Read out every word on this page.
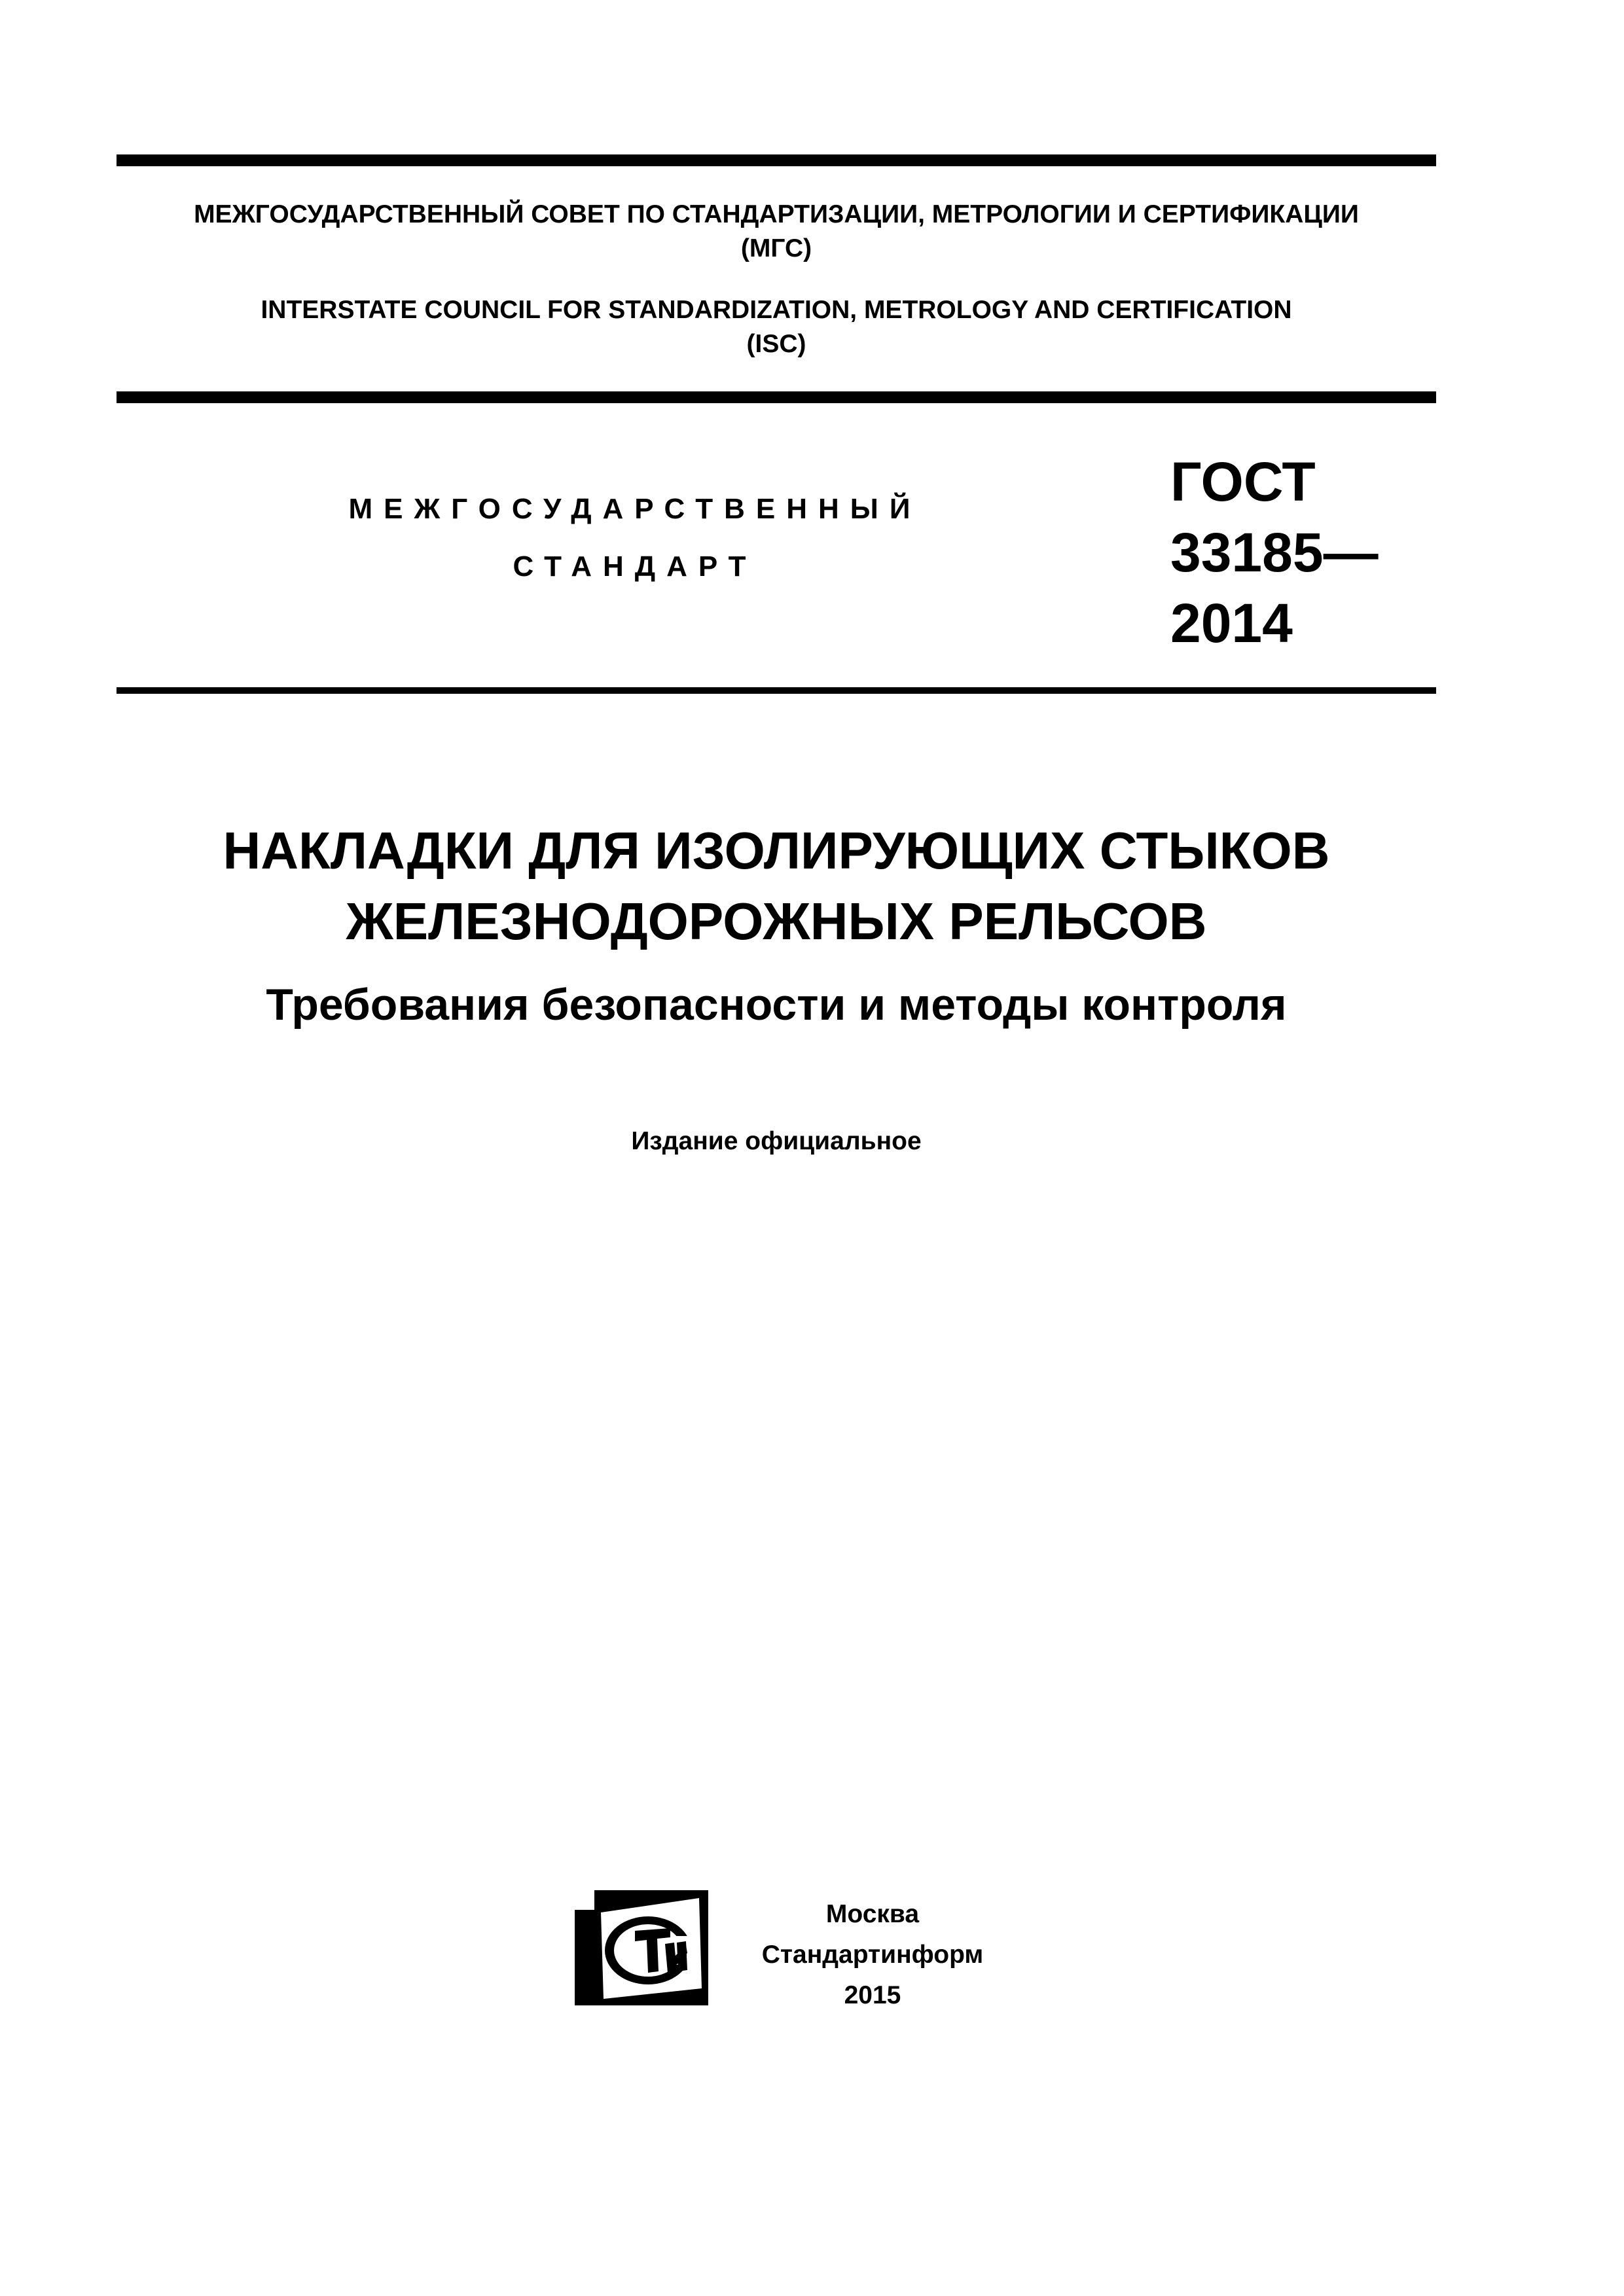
МЕЖГОСУДАРСТВЕННЫЙ СОВЕТ ПО СТАНДАРТИЗАЦИИ, МЕТРОЛОГИИ И СЕРТИФИКАЦИИ
(МГС)

INTERSTATE COUNCIL FOR STANDARDIZATION, METROLOGY AND CERTIFICATION
(ISC)

МЕЖГОСУДАРСТВЕННЫЙ

СТАНДАРТ

ГОСТ
33185—
2014

НАКЛАДКИ ДЛЯ ИЗОЛИРУЮЩИХ СТЫКОВ
ЖЕЛЕЗНОДОРОЖНЫХ РЕЛЬСОВ
Требования безопасности и методы контроля

Издание официальное

Москва
Стандартинформ
2015
